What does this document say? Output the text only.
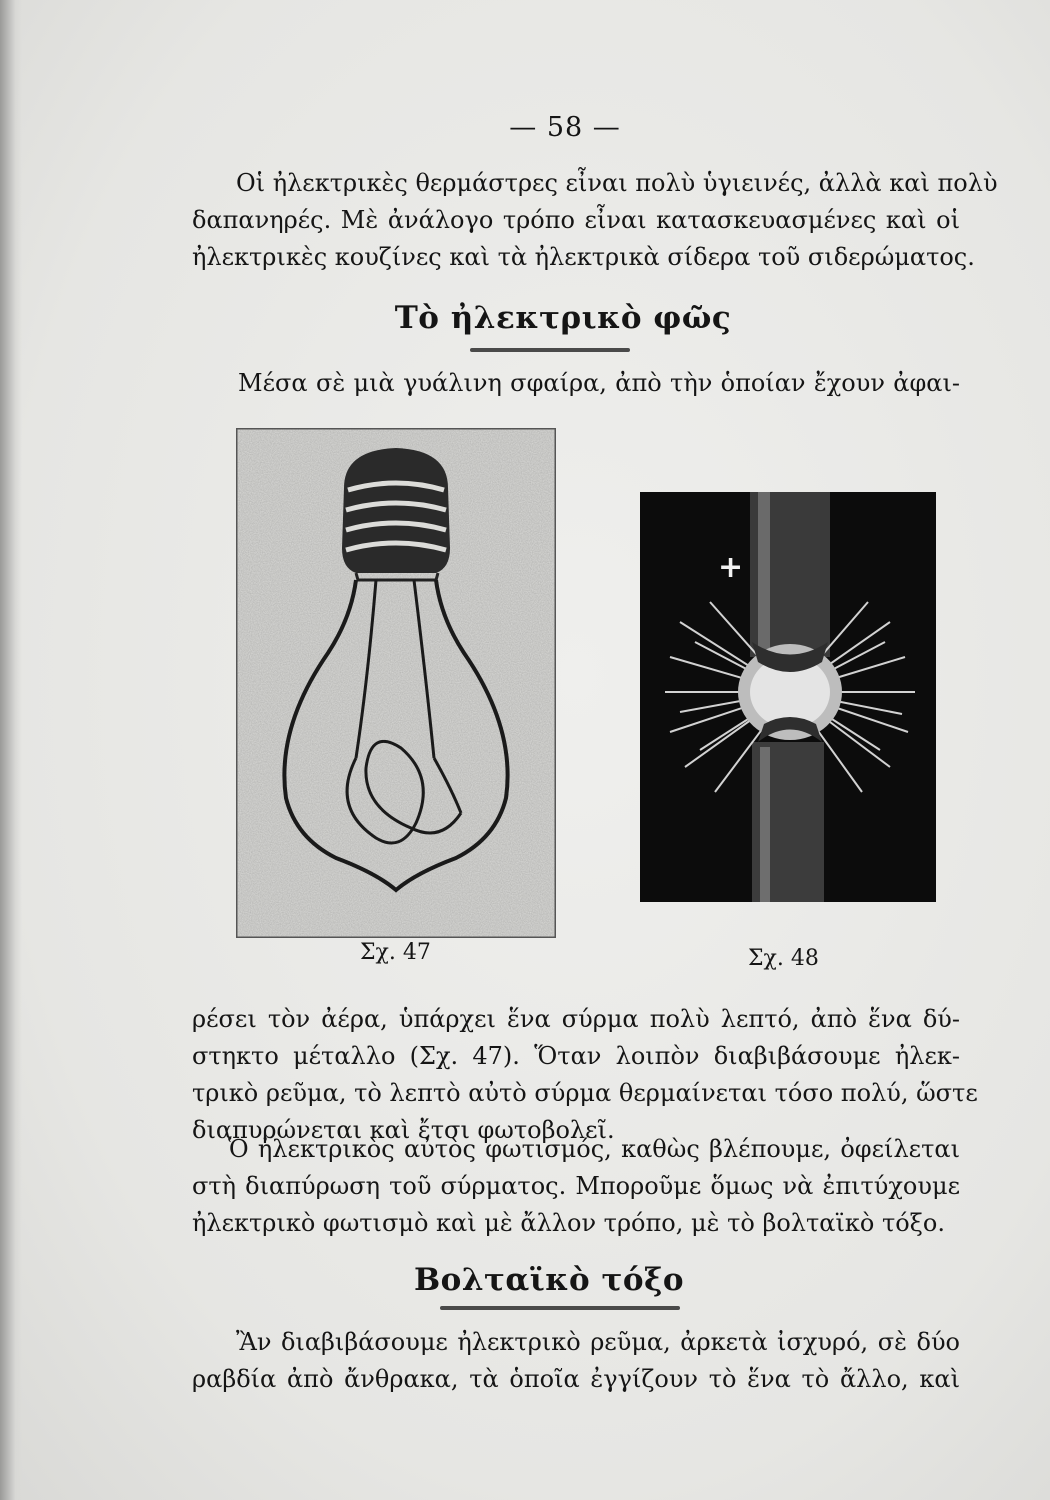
— 58 —
Οἱ ἠλεκτρικὲς θερμάστρες εἶναι πολὺ ὑγιεινές, ἀλλὰ καὶ πολὺ
δαπανηρές. Μὲ ἀνάλογο τρόπο εἶναι κατασκευασμένες καὶ οἱ
ἠλεκτρικὲς κουζίνες καὶ τὰ ἠλεκτρικὰ σίδερα τοῦ σιδερώματος.
Τὸ ἠλεκτρικὸ φῶς
Μέσα σὲ μιὰ γυάλινη σφαίρα, ἀπὸ τὴν ὁποίαν ἔχουν ἀφαι-
Σχ. 47
+
Σχ. 48
ρέσει τὸν ἀέρα, ὑπάρχει ἕνα σύρμα πολὺ λεπτό, ἀπὸ ἕνα δύ-
στηκτο μέταλλο (Σχ. 47). Ὅταν λοιπὸν διαβιβάσουμε ἠλεκ-
τρικὸ ρεῦμα, τὸ λεπτὸ αὐτὸ σύρμα θερμαίνεται τόσο πολύ, ὥστε
διαπυρώνεται καὶ ἔτσι φωτοβολεῖ.
Ὁ ἠλεκτρικὸς αὐτὸς φωτισμός, καθὼς βλέπουμε, ὀφείλεται
στὴ διαπύρωση τοῦ σύρματος. Μποροῦμε ὅμως νὰ ἐπιτύχουμε
ἠλεκτρικὸ φωτισμὸ καὶ μὲ ἄλλον τρόπο, μὲ τὸ βολταϊκὸ τόξο.
Βολταϊκὸ τόξο
Ἂν διαβιβάσουμε ἠλεκτρικὸ ρεῦμα, ἀρκετὰ ἰσχυρό, σὲ δύο
ραβδία ἀπὸ ἄνθρακα, τὰ ὁποῖα ἐγγίζουν τὸ ἕνα τὸ ἄλλο, καὶ
